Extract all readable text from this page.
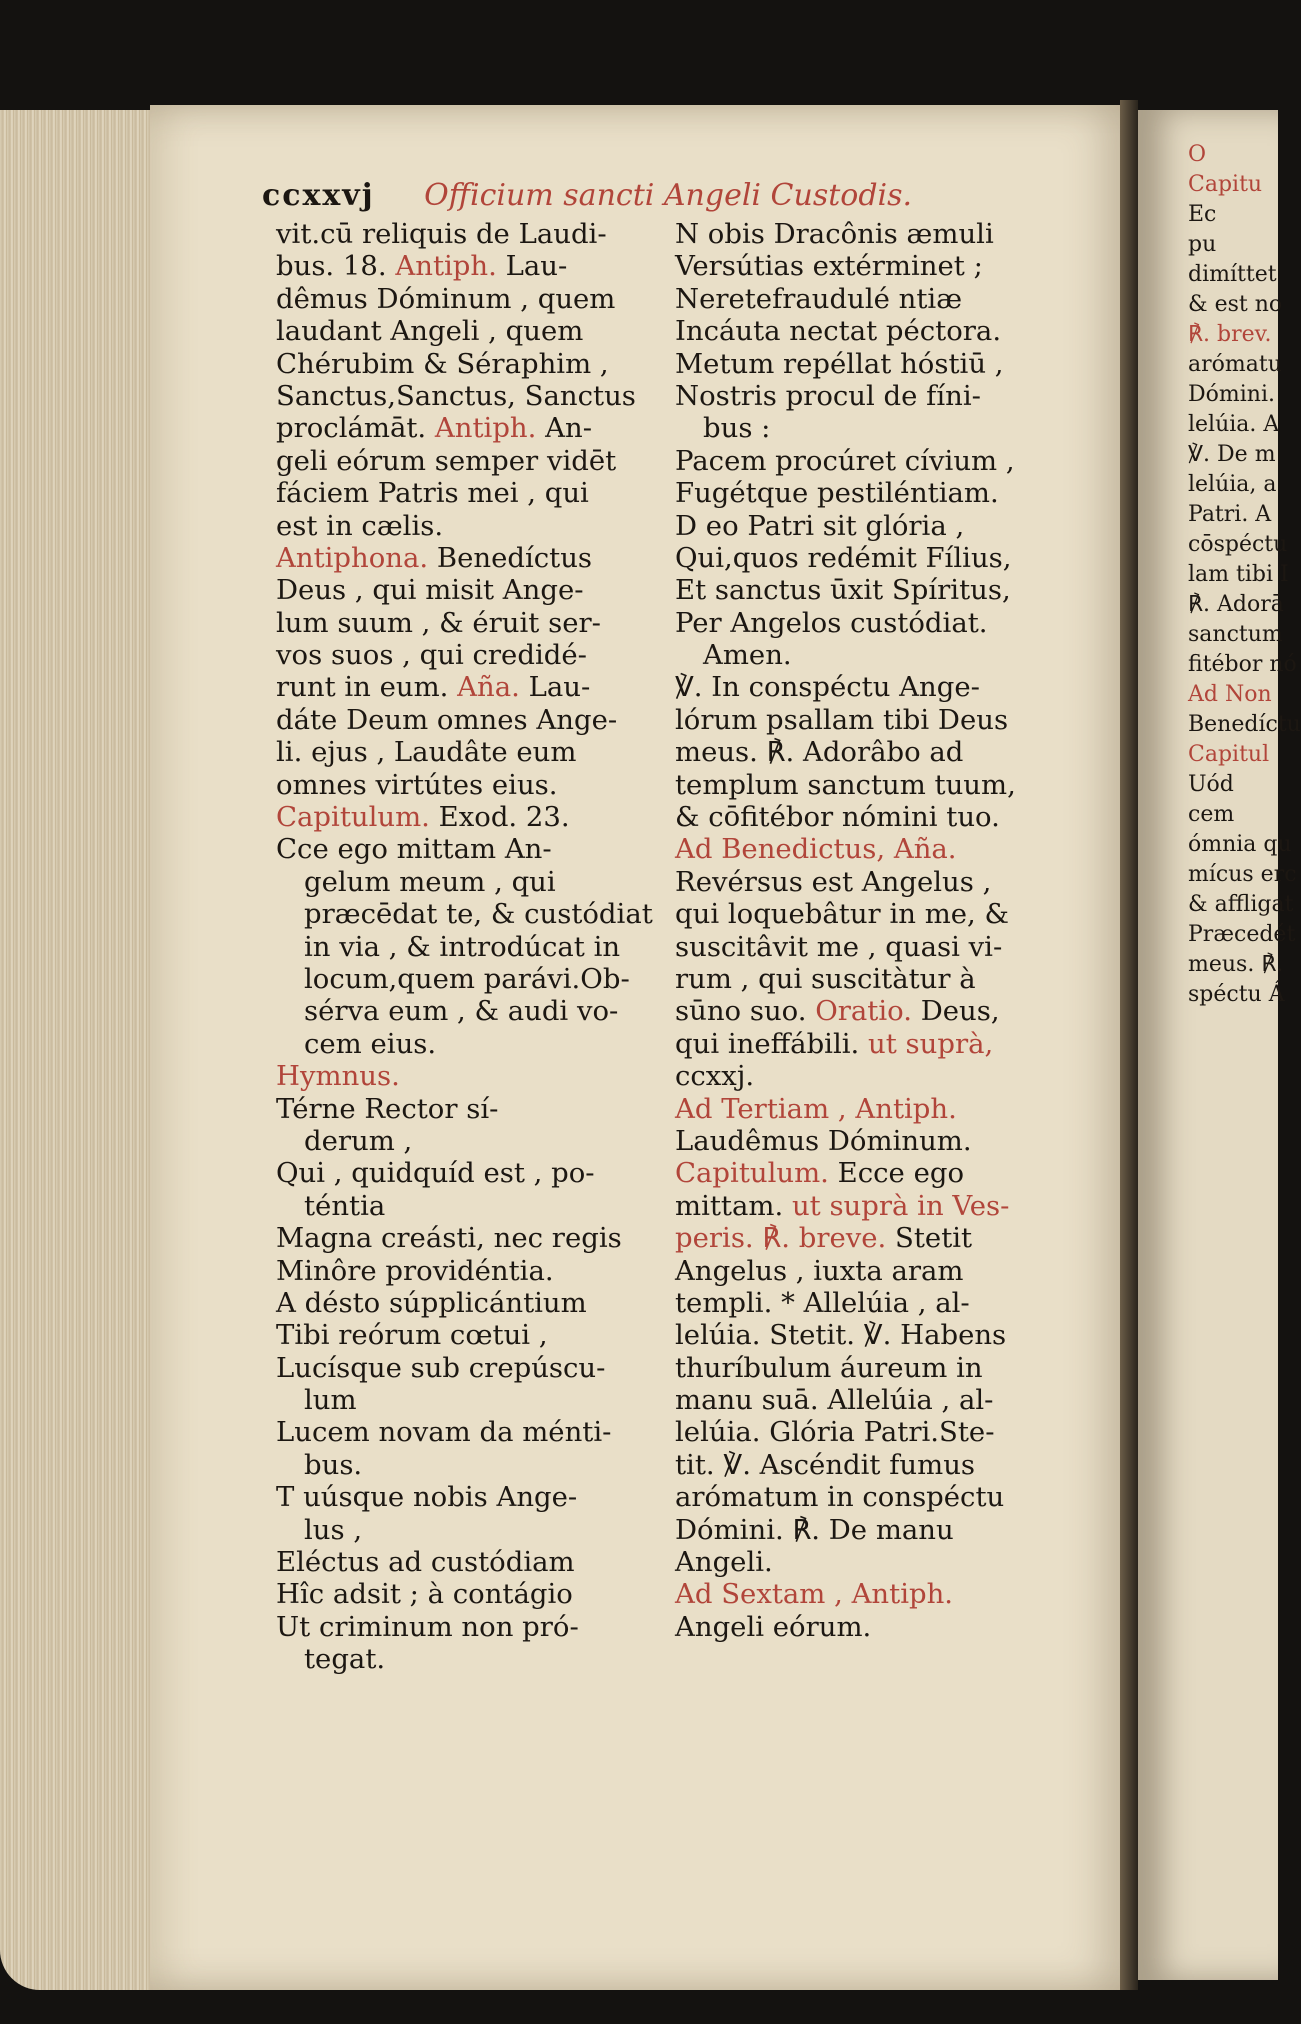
ccxxvj Officium sancti Angeli Custodis.
vit.cū reliquis de Laudi-
bus. 18. Antiph. Lau-
dêmus Dóminum , quem
laudant Angeli , quem
Chérubim & Séraphim ,
Sanctus,Sanctus, Sanctus
proclámāt. Antiph. An-
geli eórum semper vidēt
fáciem Patris mei , qui
est in cælis.
Antiphona. Benedíctus
Deus , qui misit Ange-
lum suum , & éruit ser-
vos suos , qui credidé-
runt in eum. Aña. Lau-
dáte Deum omnes Ange-
li. ejus , Laudâte eum
omnes virtútes eius.
Capitulum. Exod. 23.
Cce ego mittam An-
gelum meum , qui
præcēdat te, & custódiat
in via , & introdúcat in
locum,quem parávi.Ob-
sérva eum , & audi vo-
cem eius.
Hymnus.
Térne Rector sí-
derum ,
Qui , quidquíd est , po-
téntia
Magna creásti, nec regis
Minôre providéntia.
A désto súpplicántium
Tibi reórum cœtui ,
Lucísque sub crepúscu-
lum
Lucem novam da ménti-
bus.
T uúsque nobis Ange-
lus ,
Eléctus ad custódiam
Hîc adsit ; à contágio
Ut criminum non pró-
tegat.
N obis Dracônis æmuli
Versútias extérminet ;
Neretefraudulé ntiæ
Incáuta nectat péctora.
Metum repéllat hóstiū ,
Nostris procul de fíni-
bus :
Pacem procúret cívium ,
Fugétque pestiléntiam.
D eo Patri sit glória ,
Qui,quos redémit Fílius,
Et sanctus ūxit Spíritus,
Per Angelos custódiat.
Amen.
℣. In conspéctu Ange-
lórum psallam tibi Deus
meus. ℟. Adorâbo ad
templum sanctum tuum,
& cōfitébor nómini tuo.
Ad Benedictus, Aña.
Revérsus est Angelus ,
qui loquebâtur in me, &
suscitâvit me , quasi vi-
rum , qui suscitàtur à
sūno suo. Oratio. Deus,
qui ineffábili. ut suprà,
ccxxj.
Ad Tertiam , Antiph.
Laudêmus Dóminum.
Capitulum. Ecce ego
mittam. ut suprà in Ves-
peris. ℟. breve. Stetit
Angelus , iuxta aram
templi. * Allelúia , al-
lelúia. Stetit. ℣. Habens
thuríbulum áureum in
manu suā. Allelúia , al-
lelúia. Glória Patri.Ste-
tit. ℣. Ascéndit fumus
arómatum in conspéctu
Dómini. ℟. De manu
Angeli.
Ad Sextam , Antiph.
Angeli eórum.
O
Capitu
Ec
pu
dimíttet
& est no
℟. brev.
arómatu
Dómini.
lelúia. A
℣. De m
lelúia, a
Patri. A
cōspéctu
lam tibi I
℟. Adorā
sanctum
fitébor nó
Ad Non
Benedíctu
Capitul
Uód
cem
ómnia qu
mícus erc
& affligat
Præcedét
meus. ℟.
spéctu Á
